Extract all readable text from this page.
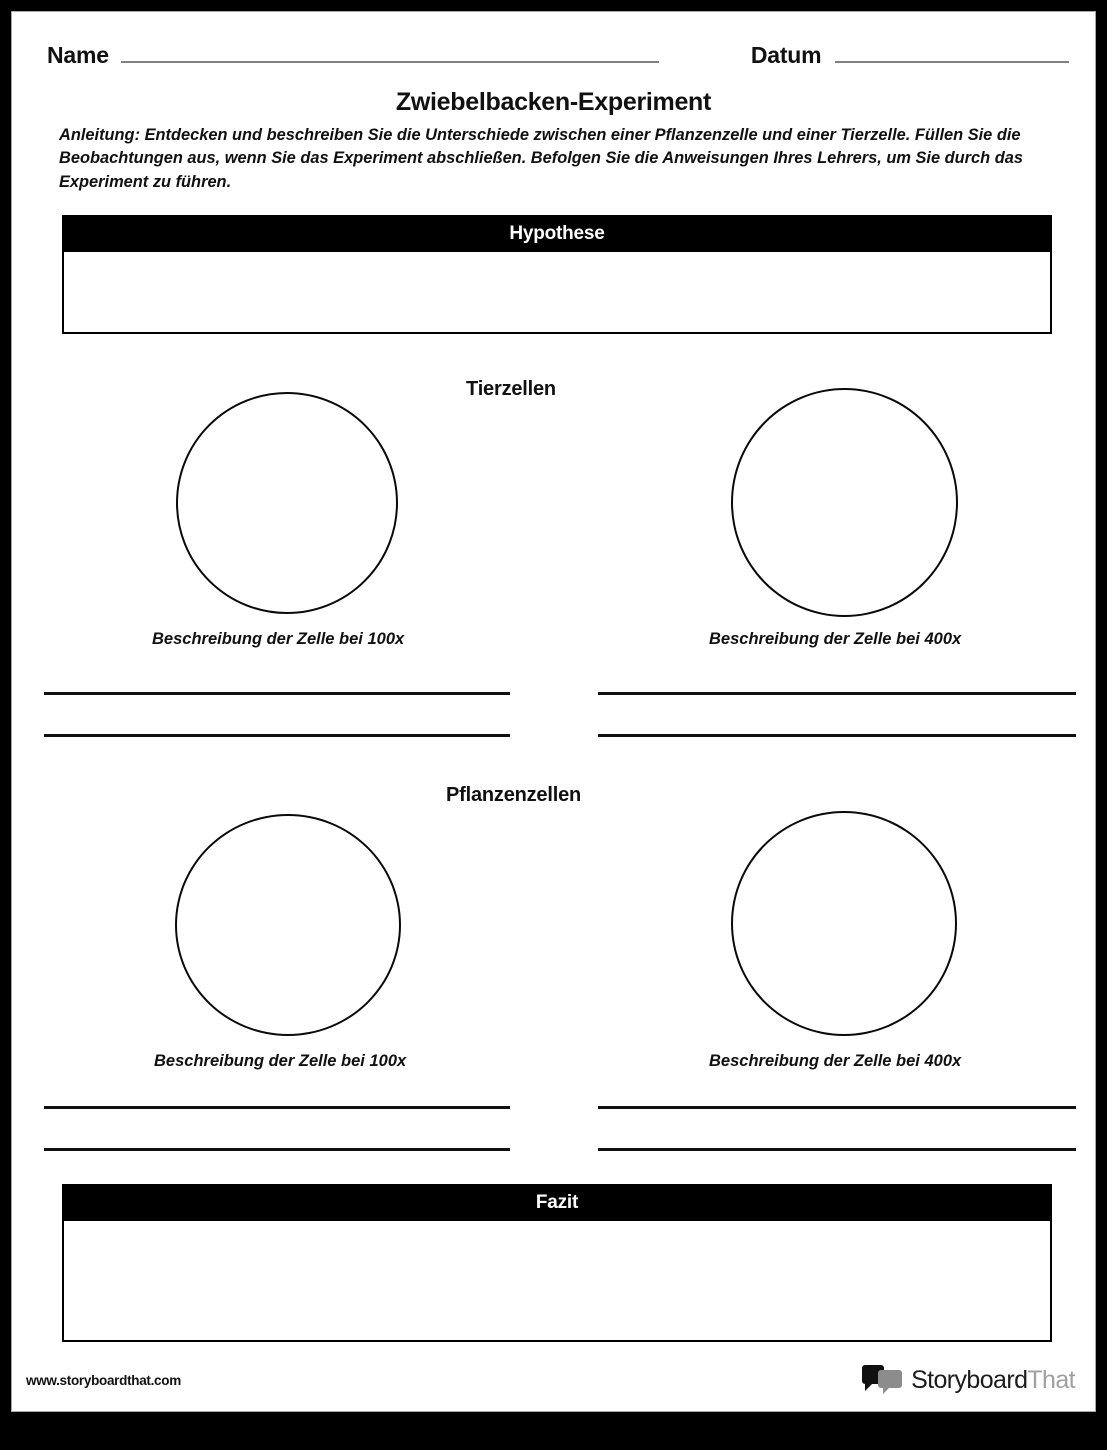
Name	Datum
Zwiebelbacken-Experiment
Anleitung: Entdecken und beschreiben Sie die Unterschiede zwischen einer Pflanzenzelle und einer Tierzelle. Füllen Sie die Beobachtungen aus, wenn Sie das Experiment abschließen. Befolgen Sie die Anweisungen Ihres Lehrers, um Sie durch das Experiment zu führen.
Hypothese
Tierzellen
Beschreibung der Zelle bei 100x	Beschreibung der Zelle bei 400x
Pflanzenzellen
Beschreibung der Zelle bei 100x	Beschreibung der Zelle bei 400x
Fazit
www.storyboardthat.com	StoryboardThat
